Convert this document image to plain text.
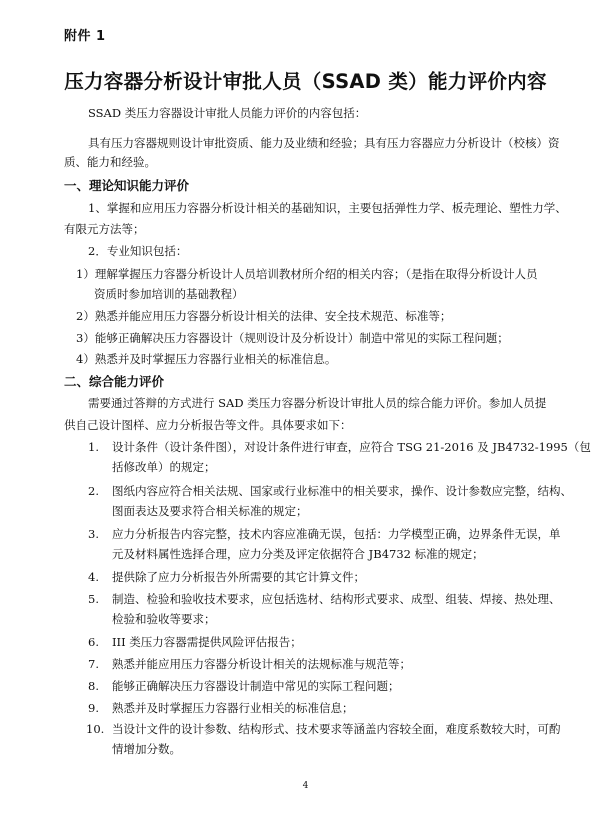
附件 1
压力容器分析设计审批人员（SSAD 类）能力评价内容
SSAD 类压力容器设计审批人员能力评价的内容包括：
具有压力容器规则设计审批资质、能力及业绩和经验；具有压力容器应力分析设计（校核）资
质、能力和经验。
一、理论知识能力评价
1、掌握和应用压力容器分析设计相关的基础知识，主要包括弹性力学、板壳理论、塑性力学、
有限元方法等；
2．专业知识包括：
1）理解掌握压力容器分析设计人员培训教材所介绍的相关内容；（是指在取得分析设计人员
资质时参加培训的基础教程）
2）熟悉并能应用压力容器分析设计相关的法律、安全技术规范、标准等；
3）能够正确解决压力容器设计（规则设计及分析设计）制造中常见的实际工程问题；
4）熟悉并及时掌握压力容器行业相关的标准信息。
二、综合能力评价
需要通过答辩的方式进行 SAD 类压力容器分析设计审批人员的综合能力评价。参加人员提
供自己设计图样、应力分析报告等文件。具体要求如下：
1. 设计条件（设计条件图），对设计条件进行审查，应符合 TSG 21-2016 及 JB4732-1995（包
括修改单）的规定；
2. 图纸内容应符合相关法规、国家或行业标准中的相关要求，操作、设计参数应完整，结构、
图面表达及要求符合相关标准的规定；
3. 应力分析报告内容完整，技术内容应准确无误，包括：力学模型正确，边界条件无误，单
元及材料属性选择合理，应力分类及评定依据符合 JB4732 标准的规定；
4. 提供除了应力分析报告外所需要的其它计算文件；
5. 制造、检验和验收技术要求，应包括选材、结构形式要求、成型、组装、焊接、热处理、
检验和验收等要求；
6. III 类压力容器需提供风险评估报告；
7. 熟悉并能应用压力容器分析设计相关的法规标准与规范等；
8. 能够正确解决压力容器设计制造中常见的实际工程问题；
9. 熟悉并及时掌握压力容器行业相关的标准信息；
10. 当设计文件的设计参数、结构形式、技术要求等涵盖内容较全面，难度系数较大时，可酌
情增加分数。
4
